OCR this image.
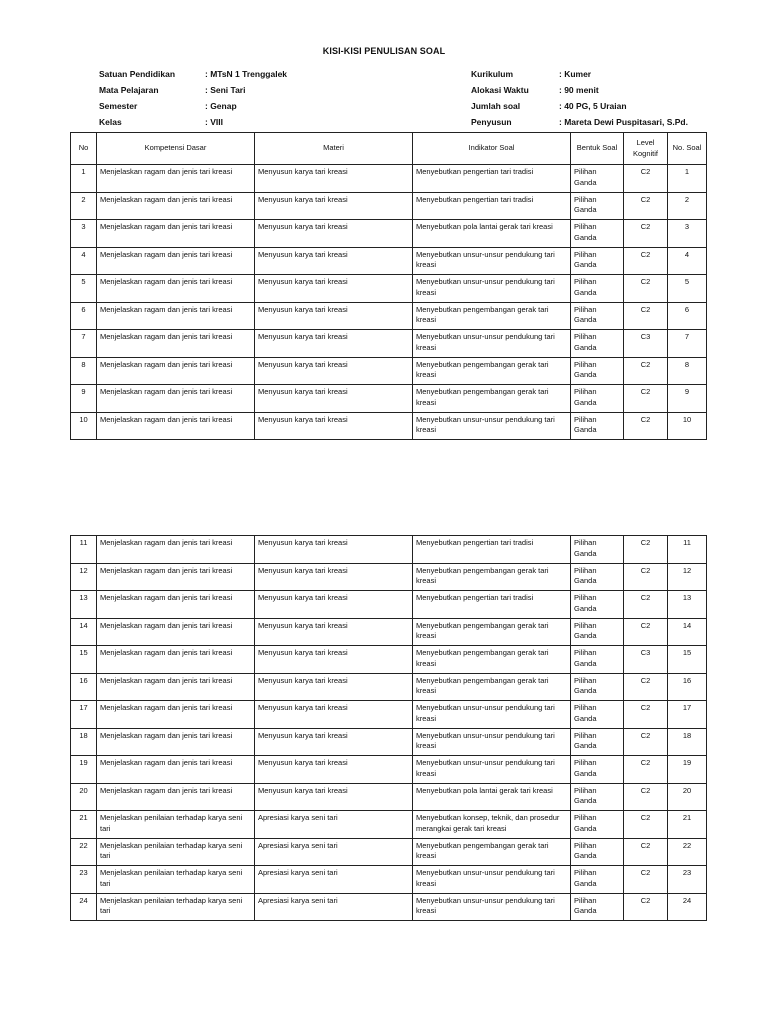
KISI-KISI PENULISAN SOAL
Satuan Pendidikan	: MTsN 1 Trenggalek
Mata Pelajaran	: Seni Tari
Semester	: Genap
Kelas	: VIII
Kurikulum	: Kumer
Alokasi Waktu	: 90 menit
Jumlah soal	: 40 PG, 5 Uraian
Penyusun	: Mareta Dewi Puspitasari, S.Pd.
No	Kompetensi Dasar	Materi	Indikator Soal	Bentuk Soal	Level Kognitif	No. Soal
1	Menjelaskan ragam dan jenis tari kreasi	Menyusun karya tari kreasi	Menyebutkan pengertian tari tradisi	Pilihan Ganda	C2	1
2	Menjelaskan ragam dan jenis tari kreasi	Menyusun karya tari kreasi	Menyebutkan pengertian tari tradisi	Pilihan Ganda	C2	2
3	Menjelaskan ragam dan jenis tari kreasi	Menyusun karya tari kreasi	Menyebutkan pola lantai gerak tari kreasi	Pilihan Ganda	C2	3
4	Menjelaskan ragam dan jenis tari kreasi	Menyusun karya tari kreasi	Menyebutkan unsur-unsur pendukung tari kreasi	Pilihan Ganda	C2	4
5	Menjelaskan ragam dan jenis tari kreasi	Menyusun karya tari kreasi	Menyebutkan unsur-unsur pendukung tari kreasi	Pilihan Ganda	C2	5
6	Menjelaskan ragam dan jenis tari kreasi	Menyusun karya tari kreasi	Menyebutkan pengembangan gerak tari kreasi	Pilihan Ganda	C2	6
7	Menjelaskan ragam dan jenis tari kreasi	Menyusun karya tari kreasi	Menyebutkan unsur-unsur pendukung tari kreasi	Pilihan Ganda	C3	7
8	Menjelaskan ragam dan jenis tari kreasi	Menyusun karya tari kreasi	Menyebutkan pengembangan gerak tari kreasi	Pilihan Ganda	C2	8
9	Menjelaskan ragam dan jenis tari kreasi	Menyusun karya tari kreasi	Menyebutkan pengembangan gerak tari kreasi	Pilihan Ganda	C2	9
10	Menjelaskan ragam dan jenis tari kreasi	Menyusun karya tari kreasi	Menyebutkan unsur-unsur pendukung tari kreasi	Pilihan Ganda	C2	10
11	Menjelaskan ragam dan jenis tari kreasi	Menyusun karya tari kreasi	Menyebutkan pengertian tari tradisi	Pilihan Ganda	C2	11
12	Menjelaskan ragam dan jenis tari kreasi	Menyusun karya tari kreasi	Menyebutkan pengembangan gerak tari kreasi	Pilihan Ganda	C2	12
13	Menjelaskan ragam dan jenis tari kreasi	Menyusun karya tari kreasi	Menyebutkan pengertian tari tradisi	Pilihan Ganda	C2	13
14	Menjelaskan ragam dan jenis tari kreasi	Menyusun karya tari kreasi	Menyebutkan pengembangan gerak tari kreasi	Pilihan Ganda	C2	14
15	Menjelaskan ragam dan jenis tari kreasi	Menyusun karya tari kreasi	Menyebutkan pengembangan gerak tari kreasi	Pilihan Ganda	C3	15
16	Menjelaskan ragam dan jenis tari kreasi	Menyusun karya tari kreasi	Menyebutkan pengembangan gerak tari kreasi	Pilihan Ganda	C2	16
17	Menjelaskan ragam dan jenis tari kreasi	Menyusun karya tari kreasi	Menyebutkan unsur-unsur pendukung tari kreasi	Pilihan Ganda	C2	17
18	Menjelaskan ragam dan jenis tari kreasi	Menyusun karya tari kreasi	Menyebutkan unsur-unsur pendukung tari kreasi	Pilihan Ganda	C2	18
19	Menjelaskan ragam dan jenis tari kreasi	Menyusun karya tari kreasi	Menyebutkan unsur-unsur pendukung tari kreasi	Pilihan Ganda	C2	19
20	Menjelaskan ragam dan jenis tari kreasi	Menyusun karya tari kreasi	Menyebutkan pola lantai gerak tari kreasi	Pilihan Ganda	C2	20
21	Menjelaskan penilaian terhadap karya seni tari	Apresiasi karya seni tari	Menyebutkan konsep, teknik, dan prosedur merangkai gerak tari kreasi	Pilihan Ganda	C2	21
22	Menjelaskan penilaian terhadap karya seni tari	Apresiasi karya seni tari	Menyebutkan pengembangan gerak tari kreasi	Pilihan Ganda	C2	22
23	Menjelaskan penilaian terhadap karya seni tari	Apresiasi karya seni tari	Menyebutkan unsur-unsur pendukung tari kreasi	Pilihan Ganda	C2	23
24	Menjelaskan penilaian terhadap karya seni tari	Apresiasi karya seni tari	Menyebutkan unsur-unsur pendukung tari kreasi	Pilihan Ganda	C2	24
